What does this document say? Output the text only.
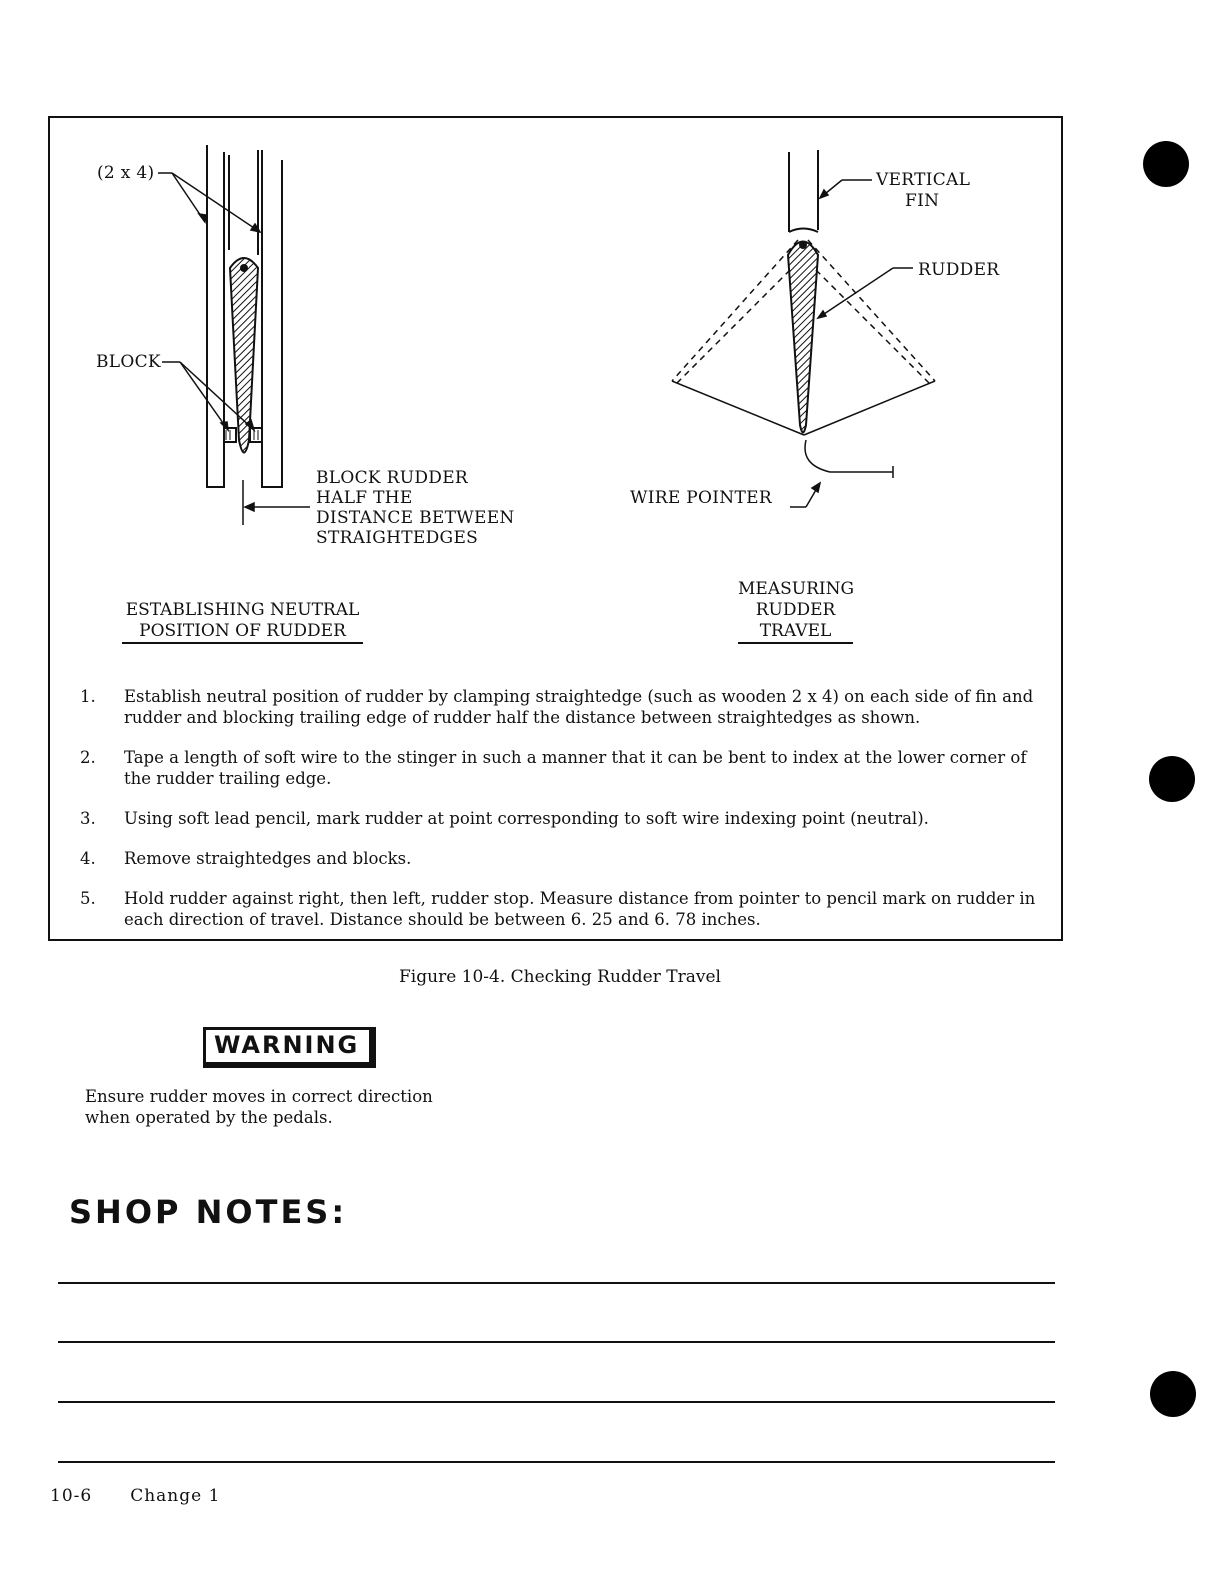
(2 x 4)
BLOCK
BLOCK RUDDER
HALF THE
DISTANCE BETWEEN
STRAIGHTEDGES
ESTABLISHING NEUTRAL
POSITION OF RUDDER
VERTICAL
FIN
RUDDER
WIRE POINTER
MEASURING
RUDDER
TRAVEL
1.	Establish neutral position of rudder by clamping straightedge (such as wooden 2 x 4) on each side of fin and rudder and blocking trailing edge of rudder half the distance between straightedges as shown.
2.	Tape a length of soft wire to the stinger in such a manner that it can be bent to index at the lower corner of the rudder trailing edge.
3.	Using soft lead pencil, mark rudder at point corresponding to soft wire indexing point (neutral).
4.	Remove straightedges and blocks.
5.	Hold rudder against right, then left, rudder stop. Measure distance from pointer to pencil mark on rudder in each direction of travel. Distance should be between 6. 25 and 6. 78 inches.
Figure 10-4. Checking Rudder Travel
WARNING
Ensure rudder moves in correct direction
when operated by the pedals.
SHOP NOTES:
10-6 Change 1
